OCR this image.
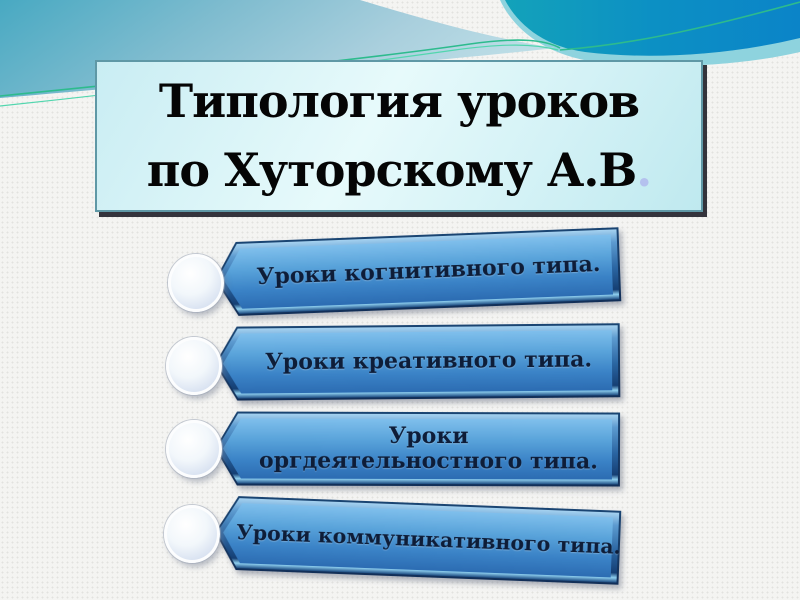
Типология уроков
по Хуторскому А.В.
Уроки когнитивного типа.
Уроки креативного типа.
Уроки оргдеятельностного типа.
Уроки коммуникативного типа.
